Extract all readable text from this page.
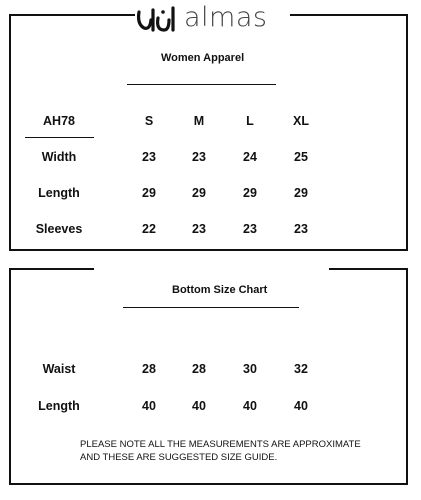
almas
Women Apparel
AH78	S	M	L	XL
Width	23	23	24	25
Length	29	29	29	29
Sleeves	22	23	23	23
Bottom Size Chart
Waist	28	28	30	32
Length	40	40	40	40
PLEASE NOTE ALL THE MEASUREMENTS ARE APPROXIMATE
AND THESE ARE SUGGESTED SIZE GUIDE.
